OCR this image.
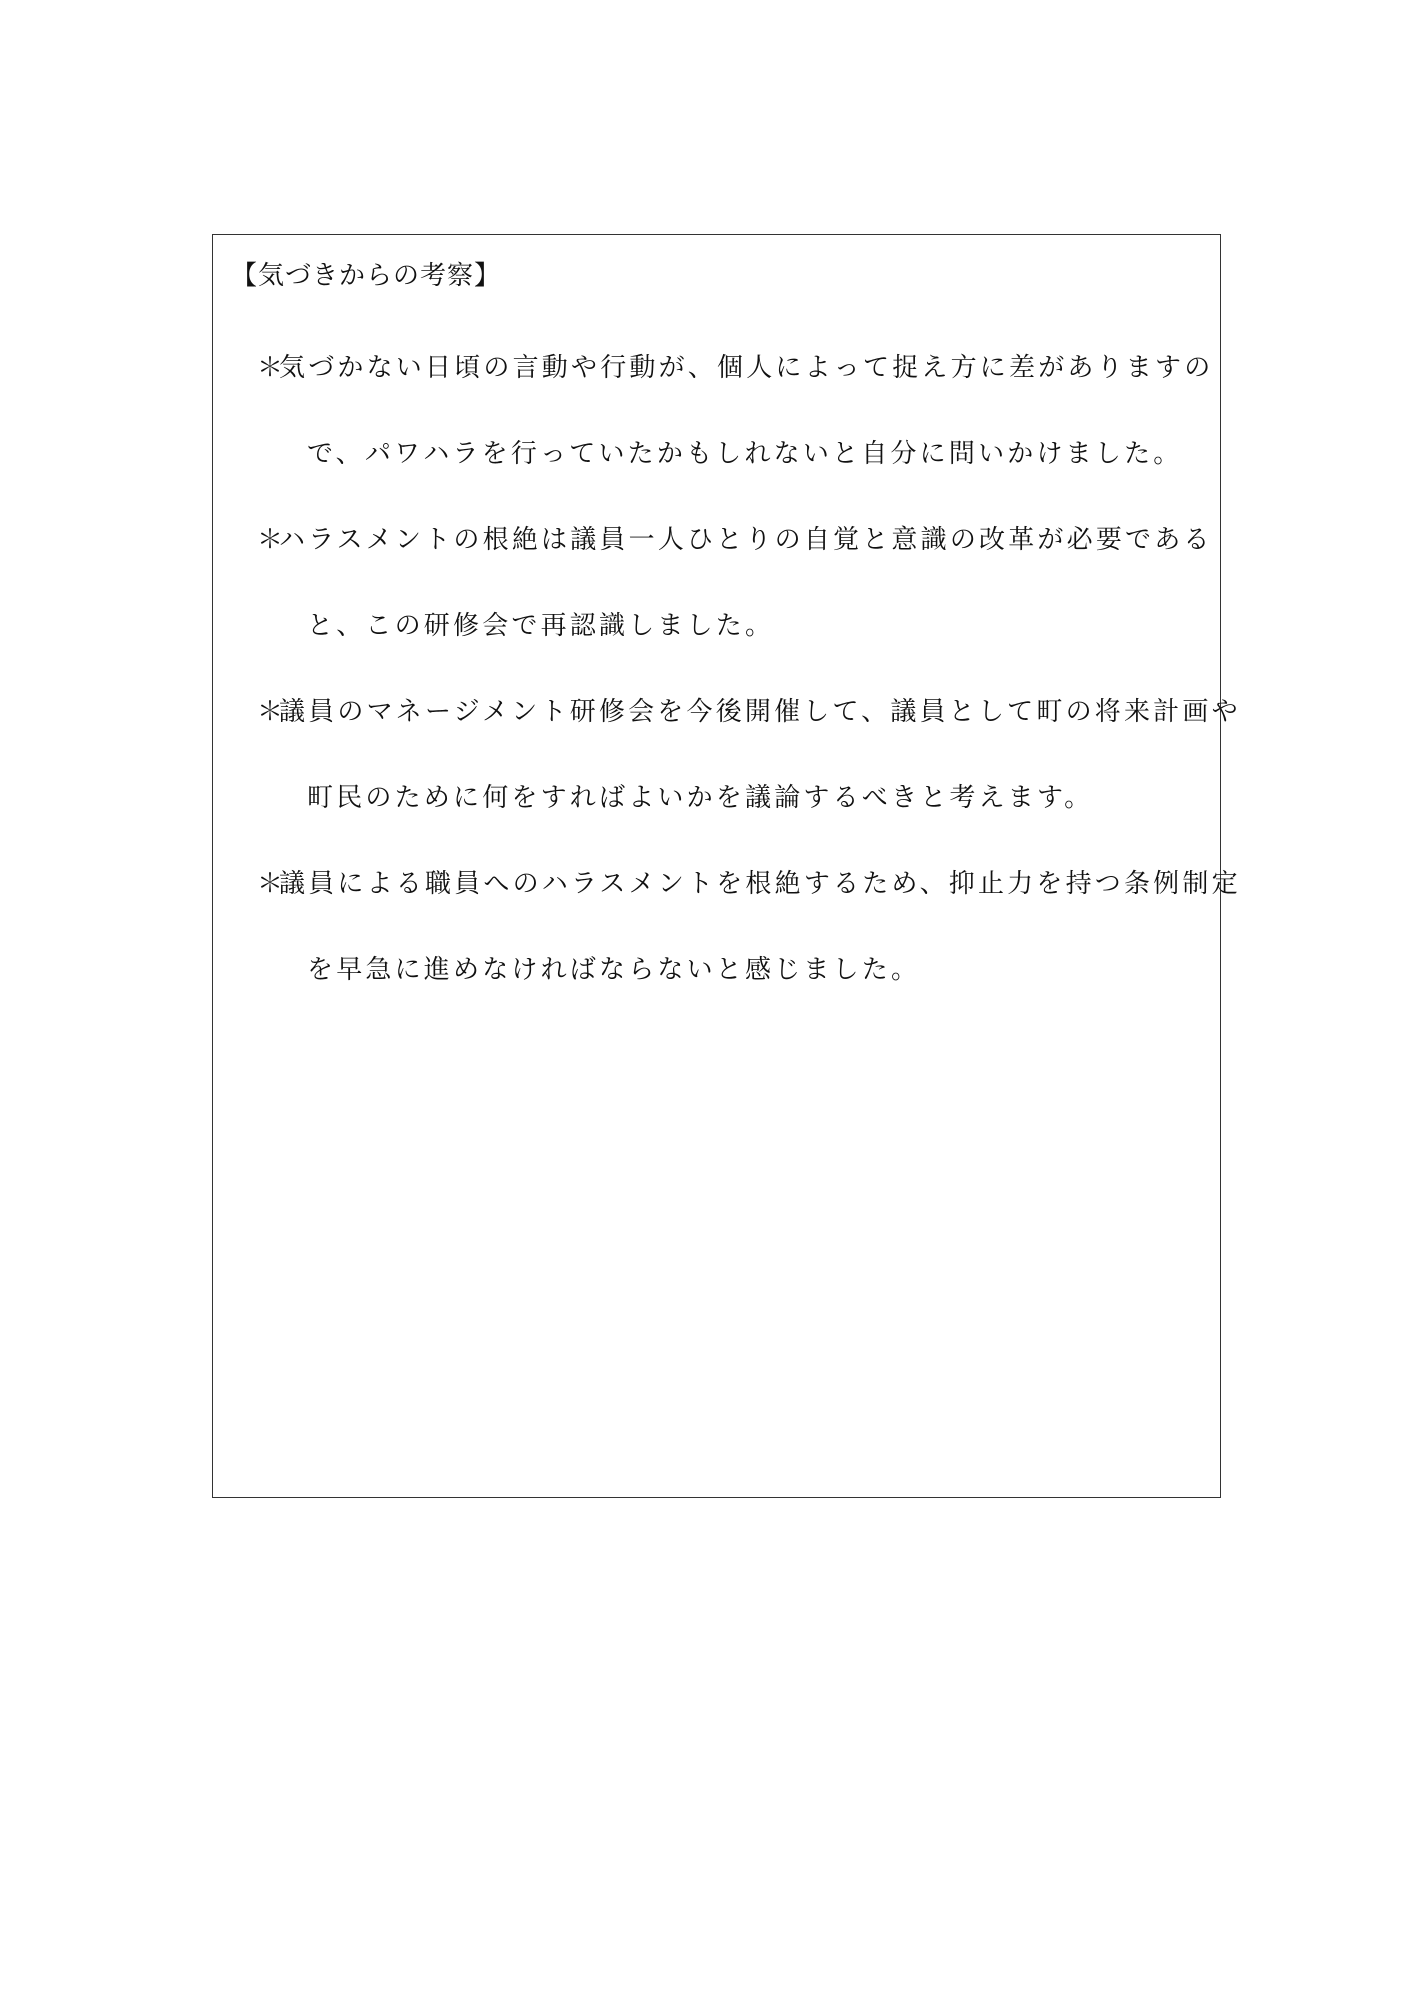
【気づきからの考察】
＊気づかない日頃の言動や行動が、個人によって捉え方に差がありますの
で、パワハラを行っていたかもしれないと自分に問いかけました。
＊ハラスメントの根絶は議員一人ひとりの自覚と意識の改革が必要である
と、この研修会で再認識しました。
＊議員のマネージメント研修会を今後開催して、議員として町の将来計画や
町民のために何をすればよいかを議論するべきと考えます。
＊議員による職員へのハラスメントを根絶するため、抑止力を持つ条例制定
を早急に進めなければならないと感じました。
